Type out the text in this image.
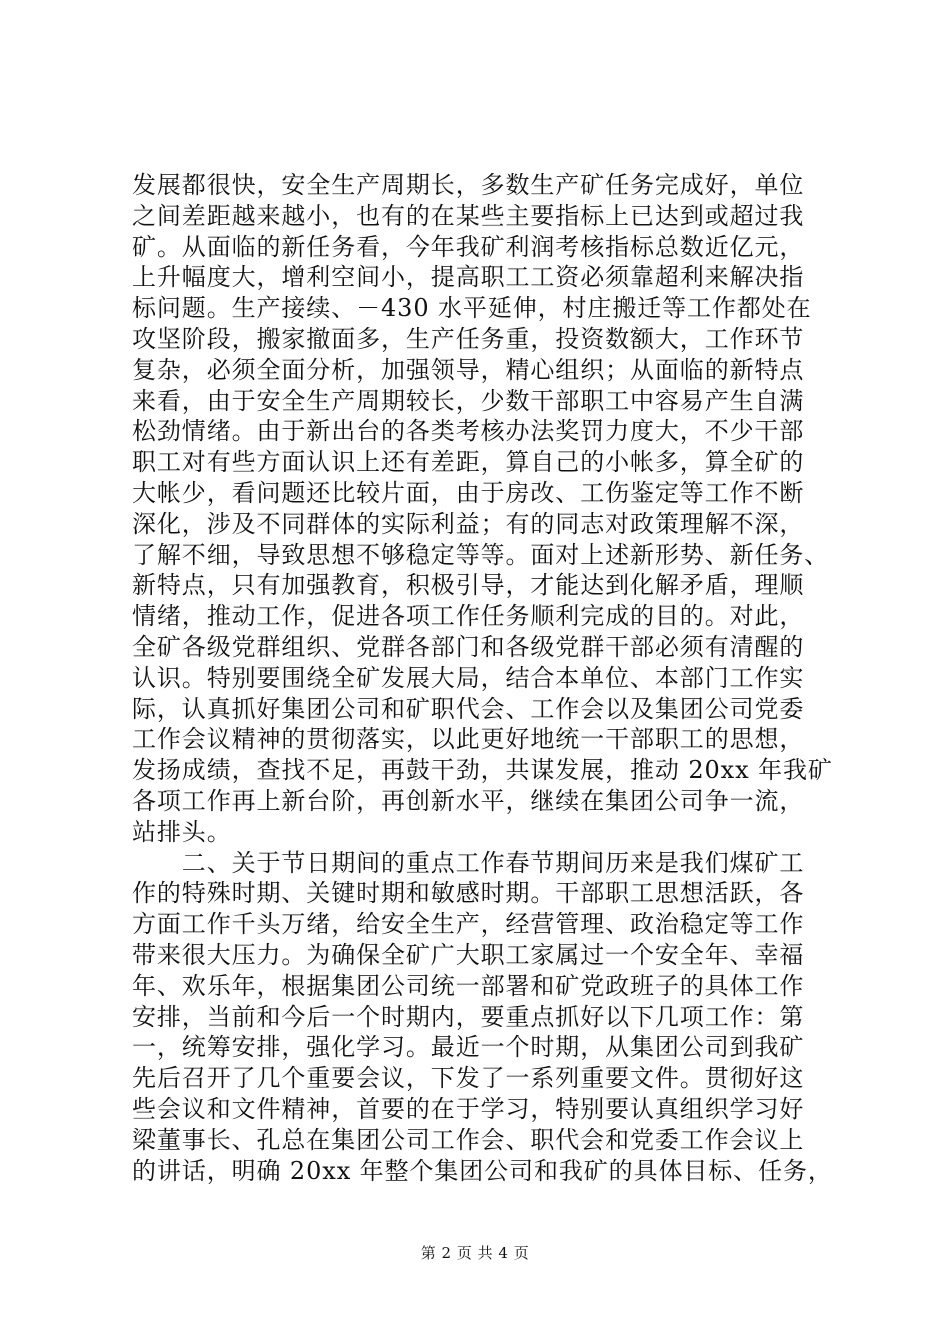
发展都很快，安全生产周期长，多数生产矿任务完成好，单位
之间差距越来越小，也有的在某些主要指标上已达到或超过我
矿。从面临的新任务看，今年我矿利润考核指标总数近亿元，
上升幅度大，增利空间小，提高职工工资必须靠超利来解决指
标问题。生产接续、－430 水平延伸，村庄搬迁等工作都处在
攻坚阶段，搬家撤面多，生产任务重，投资数额大，工作环节
复杂，必须全面分析，加强领导，精心组织；从面临的新特点
来看，由于安全生产周期较长，少数干部职工中容易产生自满
松劲情绪。由于新出台的各类考核办法奖罚力度大，不少干部
职工对有些方面认识上还有差距，算自己的小帐多，算全矿的
大帐少，看问题还比较片面，由于房改、工伤鉴定等工作不断
深化，涉及不同群体的实际利益；有的同志对政策理解不深，
了解不细，导致思想不够稳定等等。面对上述新形势、新任务、
新特点，只有加强教育，积极引导，才能达到化解矛盾，理顺
情绪，推动工作，促进各项工作任务顺利完成的目的。对此，
全矿各级党群组织、党群各部门和各级党群干部必须有清醒的
认识。特别要围绕全矿发展大局，结合本单位、本部门工作实
际，认真抓好集团公司和矿职代会、工作会以及集团公司党委
工作会议精神的贯彻落实，以此更好地统一干部职工的思想，
发扬成绩，查找不足，再鼓干劲，共谋发展，推动 20xx 年我矿
各项工作再上新台阶，再创新水平，继续在集团公司争一流，
站排头。
　　二、关于节日期间的重点工作春节期间历来是我们煤矿工
作的特殊时期、关键时期和敏感时期。干部职工思想活跃，各
方面工作千头万绪，给安全生产，经营管理、政治稳定等工作
带来很大压力。为确保全矿广大职工家属过一个安全年、幸福
年、欢乐年，根据集团公司统一部署和矿党政班子的具体工作
安排，当前和今后一个时期内，要重点抓好以下几项工作：第
一，统筹安排，强化学习。最近一个时期，从集团公司到我矿
先后召开了几个重要会议，下发了一系列重要文件。贯彻好这
些会议和文件精神，首要的在于学习，特别要认真组织学习好
梁董事长、孔总在集团公司工作会、职代会和党委工作会议上
的讲话，明确 20xx 年整个集团公司和我矿的具体目标、任务，
第 2 页 共 4 页
